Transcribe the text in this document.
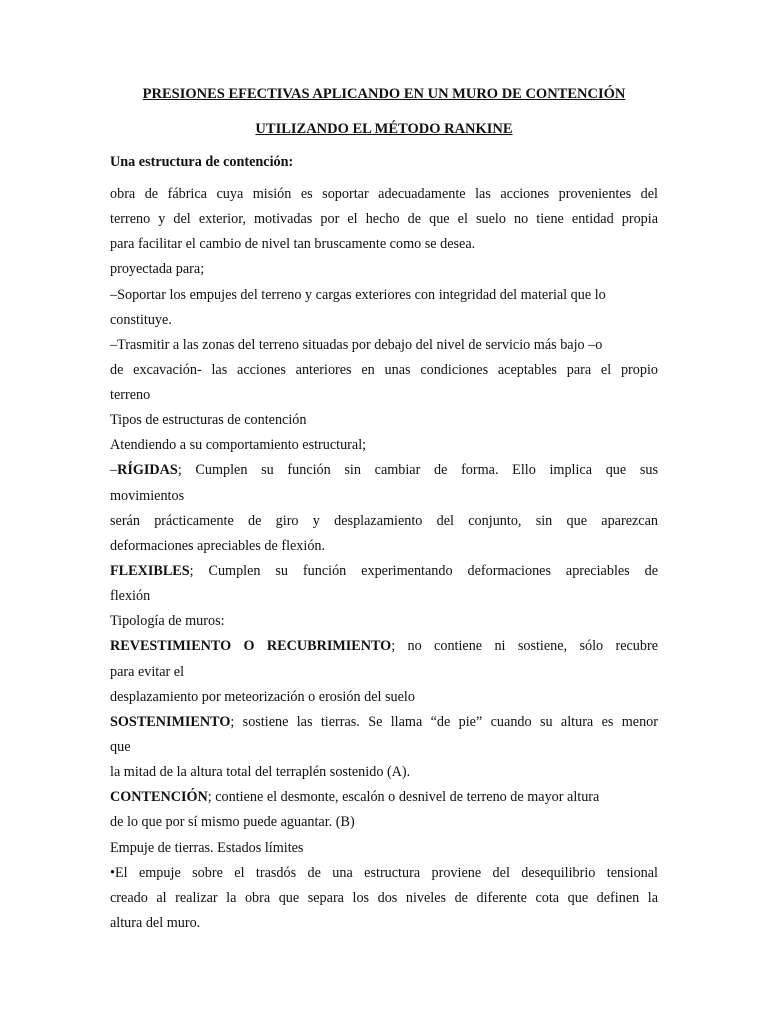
PRESIONES EFECTIVAS APLICANDO EN UN MURO DE CONTENCIÓN

UTILIZANDO EL MÉTODO RANKINE

Una estructura de contención:

obra de fábrica cuya misión es soportar adecuadamente las acciones provenientes del

terreno y del exterior, motivadas por el hecho de que el suelo no tiene entidad propia

para facilitar el cambio de nivel tan bruscamente como se desea.

proyectada para;

–Soportar los empujes del terreno y cargas exteriores con integridad del material que lo

constituye.

–Trasmitir a las zonas del terreno situadas por debajo del nivel de servicio más bajo –o

de excavación- las acciones anteriores en unas condiciones aceptables para el propio

terreno

Tipos de estructuras de contención

Atendiendo a su comportamiento estructural;

–RÍGIDAS; Cumplen su función sin cambiar de forma. Ello implica que sus

movimientos

serán prácticamente de giro y desplazamiento del conjunto, sin que aparezcan

deformaciones apreciables de flexión.

FLEXIBLES; Cumplen su función experimentando deformaciones apreciables de

flexión

Tipología de muros:

REVESTIMIENTO O RECUBRIMIENTO; no contiene ni sostiene, sólo recubre

para evitar el

desplazamiento por meteorización o erosión del suelo

SOSTENIMIENTO; sostiene las tierras. Se llama “de pie” cuando su altura es menor

que

la mitad de la altura total del terraplén sostenido (A).

CONTENCIÓN; contiene el desmonte, escalón o desnivel de terreno de mayor altura

de lo que por sí mismo puede aguantar. (B)

Empuje de tierras. Estados límites

•El empuje sobre el trasdós de una estructura proviene del desequilibrio tensional

creado al realizar la obra que separa los dos niveles de diferente cota que definen la

altura del muro.
